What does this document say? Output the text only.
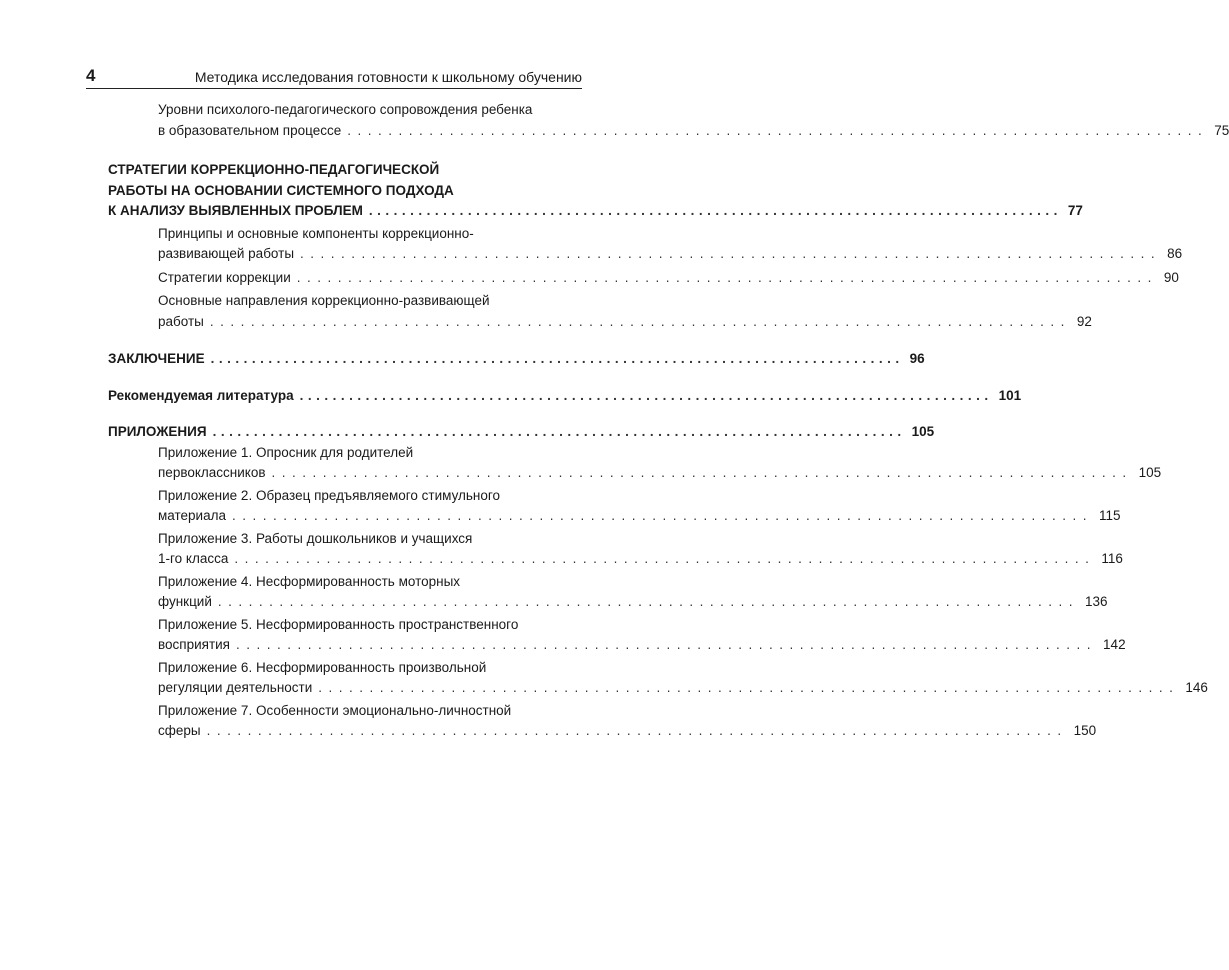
4	Методика исследования готовности к школьному обучению
Уровни психолого-педагогического сопровождения ребенка
в образовательном процессе .................................................................................... 75
СТРАТЕГИИ КОРРЕКЦИОННО-ПЕДАГОГИЧЕСКОЙ
РАБОТЫ НА ОСНОВАНИИ СИСТЕМНОГО ПОДХОДА
К АНАЛИЗУ ВЫЯВЛЕННЫХ ПРОБЛЕМ .................................................................................... 77
Принципы и основные компоненты коррекционно-
развивающей работы .................................................................................... 86
Стратегии коррекции .................................................................................... 90
Основные направления коррекционно-развивающей
работы .................................................................................... 92
ЗАКЛЮЧЕНИЕ .................................................................................... 96
Рекомендуемая литература .................................................................................... 101
ПРИЛОЖЕНИЯ .................................................................................... 105
Приложение 1. Опросник для родителей
первоклассников .................................................................................... 105
Приложение 2. Образец предъявляемого стимульного
материала .................................................................................... 115
Приложение 3. Работы дошкольников и учащихся
1-го класса .................................................................................... 116
Приложение 4. Несформированность моторных
функций .................................................................................... 136
Приложение 5. Несформированность пространственного
восприятия .................................................................................... 142
Приложение 6. Несформированность произвольной
регуляции деятельности .................................................................................... 146
Приложение 7. Особенности эмоционально-личностной
сферы .................................................................................... 150
